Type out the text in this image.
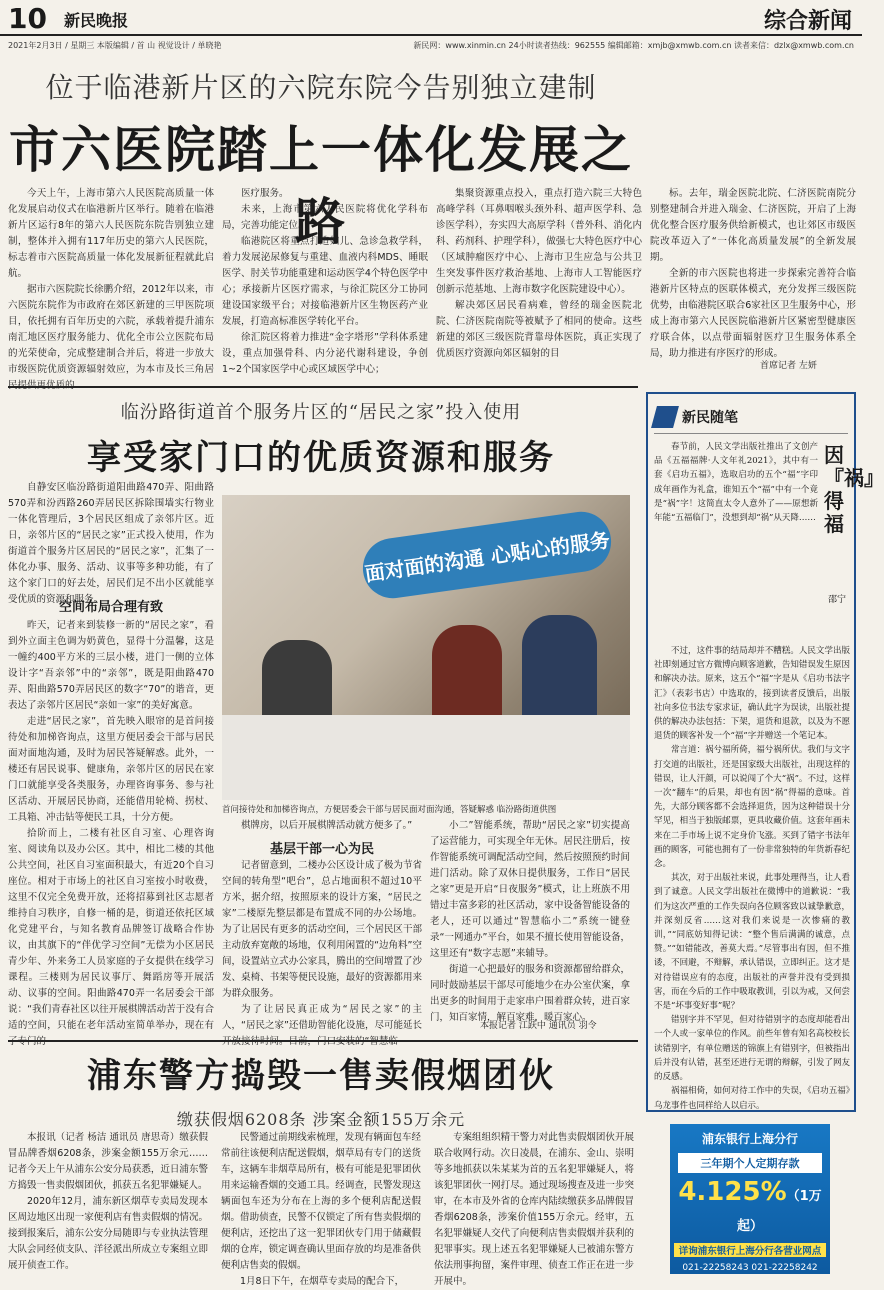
10 新民晚报	综合新闻
2021年2月3日 / 星期三 本版编辑 / 首 山 视觉设计 / 单晓艳	新民网：www.xinmin.cn 24小时读者热线：962555 编辑邮箱：xmjb@xmwb.com.cn 读者来信：dzlx@xmwb.com.cn
位于临港新片区的六院东院今告别独立建制
市六医院踏上一体化发展之路

今天上午，上海市第六人民医院高质量一体化发展启动仪式在临港新片区举行。随着在临港新片区运行8年的第六人民医院东院告别独立建制，整体并入拥有117年历史的第六人民医院，标志着市六医院高质量一体化发展新征程就此启航。

据市六医院院长徐鹏介绍，2012年以来，市六医院东院作为市政府在郊区新建的三甲医院项目，依托拥有百年历史的六院，承载着提升浦东南汇地区医疗服务能力、优化全市公立医院布局的光荣使命，完成整建制合并后，将进一步放大市级医院优质资源辐射效应，为本市及长三角居

医疗服务。

未来，上海市第六人民医院将优化学科布局，完善功能定位。

临港院区将重点打造妇儿、急诊急救学科，着力发展泌尿修复与重建、血液内科MDS、睡眠医学、肘关节功能重建和运动医学4个特色医学中心；承接新片区医疗需求，与徐汇院区分工协同建设国家级平台；对接临港新片区生物医药产业发展，打造高标准医学转化平台。

徐汇院区将着力推进“金字塔形”学科体系建设，重点加强骨科、内分泌代谢科建设，争创1~2个国家医学中心或区域医学中心；

集聚资源重点投入，重点打造六院三大特色高峰学科（耳鼻咽喉头颈外科、超声医学科、急诊医学科），夯实四大高原学科（普外科、消化内科、药剂科、护理学科），做强七大特色医疗中心（区域肿瘤医疗中心、上海市卫生应急与公共卫生突发事件医疗救治基地、上海市人工智能医疗创新示范基地、上海市数字化医院建设中心）。

解决郊区居民看病难，曾经的瑞金医院北院、仁济医院南院等被赋予了相同的使命。这些新建的郊区三级医院背靠母体医院，真正实现了优质医疗资源向郊区辐射的目

标。去年，瑞金医院北院、仁济医院南院分别整建制合并进入瑞金、仁济医院，开启了上海优化整合医疗服务供给新模式，也让郊区市级医院改革迈入了“一体化高质量发展”的全新发展期。

全新的市六医院也将进一步探索完善符合临港新片区特点的医联体模式，充分发挥三级医院优势，由临港院区联合6家社区卫生服务中心，形成上海市第六人民医院临港新片区紧密型健康医疗联合体，以点带面辐射医疗卫生服务体系全局，助力推进有序医疗的形成。

首席记者 左妍
临汾路街道首个服务片区的“居民之家”投入使用
享受家门口的优质资源和服务

自静安区临汾路街道阳曲路470弄、阳曲路570弄和汾西路260弄居民区拆除围墙实行物业一体化管理后，3个居民区组成了亲邻片区。近日，亲邻片区的“居民之家”正式投入使用，作为街道首个服务片区居民的“居民之家”，汇集了一体化办事、服务、活动、议事等多种功能，有了这个家门口的好去处，居民们足不出小区就能享受优质的资源和服务。

空间布局合理有致

昨天，记者来到装修一新的“居民之家”，看到外立面主色调为奶黄色，显得十分温馨，这是一幢约400平方米的三层小楼，进门一侧的立体设计字“吾亲邻”中的“亲邻”，既是阳曲路470弄、阳曲路570弄居民区的数字“70”的谐音，更表达了亲邻片区居民“亲如一家”的美好寓意。

走进“居民之家”，首先映入眼帘的是首问接待处和加梯咨询点，这里方便居委会干部与居民面对面地沟通，及时为居民答疑解惑。此外，一楼还有居民说事、健康角，亲邻片区的居民在家门口就能享受各类服务，办理咨询事务、参与社区活动、开展居民协商，还能借用轮椅、拐杖、工具箱、冲击钻等便民工具，十分方便。

拾阶而上，二楼有社区自习室、心理咨询室、阅读角以及办公区。其中，相比二楼的其他公共空间，社区自习室面积最大，有近20个自习座位。相对于市场上的社区自习室按小时收费，这里不仅完全免费开放，还将招募到社区志愿者维持自习秩序，自修一桶的是，街道还依托区域化党建平台，与知名教育品牌签订战略合作协议，由其旗下的“伴优学习空间”无偿为小区居民青少年、外来务工人员家庭的子女提供在线学习课程。三楼则为居民议事厅、舞蹈房等开展活动、议事的空间。阳曲路470弄一名居委会干部说：“我们青春社区以往开展棋牌活动苦于没有合适的空间，只能在老年活动室简单举办，现在有

面对面的沟通 心贴心的服务
首问接待处和加梯咨询点，方便居委会干部与居民面对面沟通，答疑解惑 临汾路街道供图

棋牌房，以后开展棋牌活动就方便多了。”

基层干部一心为民

记者留意到，二楼办公区设计成了极为节省空间的转角型“吧台”，总占地面积不超过10平方米，据介绍，按照原来的设计方案，“居民之家”二楼原先整层都是布置成不同的办公场地。为了让居民有更多的活动空间，三个居民区干部主动放弃宽敞的场地，仅利用闲置的“边角料”空间，设置站立式办公家具，腾出的空间增置了沙发、桌椅、书架等便民设施，最好的资源都用来为群众服务。

为了让居民真正成为“居民之家”的主人，“居民之家”还借助智能化设施，尽可能延长

小二”智能系统，帮助“居民之家”切实提高了运营能力，可实现全年无休。居民注册后，按作智能系统可调配活动空间，然后按照预约时间进门活动。除了双休日提供服务，工作日“居民之家”更是开启“日夜服务”模式，让上班族不用错过丰富多彩的社区活动，家中设备智能设备的老人，还可以通过“智慧临小二”系统一键登录“一网通办”平台，如果不擅长使用智能设备，这里还有“数字志愿”来辅导。

街道一心把最好的服务和资源都留给群众，同时鼓励基层干部尽可能地少在办公室伏案，拿出更多的时间用于走家串户围着群众转，进百家门，知百家情，解百家难，暖百家心。

本报记者 江跃中 通讯员 羽令
浦东警方捣毁一售卖假烟团伙
缴获假烟6208条 涉案金额155万余元

本报讯（记者 杨洁 通讯员 唐思奇）缴获假冒品牌香烟6208条，涉案金额155万余元……记者今天上午从浦东公安分局获悉，近日浦东警方捣毁一售卖假烟团伙，抓获五名犯罪嫌疑人。

2020年12月，浦东新区烟草专卖局发现本区周边地区出现一家便利店有售卖假烟的情况。接到报案后，浦东公安分局随即与专业执法管理大队会同经侦支队、洋径派出所成立专案组立即展开侦查工作。

民警通过前期线索梳理，发现有辆面包车经常前往该便利店配送假烟，烟草局有专门的送货车，这辆车非烟草局所有，极有可能是犯罪团伙用来运输香烟的交通工具。经调查，民警发现这辆面包车还为分布在上海的多个便利店配送假烟。借助侦查，民警不仅锁定了所有售卖假烟的便利店，还挖出了这一犯罪团伙专门用于储藏假烟的仓库，锁定调查确认里面存放的均是准备供便利店售卖的假烟。

1月8日下午，在烟草专卖局的配合下，

专案组组织精干警力对此售卖假烟团伙开展联合收网行动。次日凌晨，在浦东、金山、崇明等多地抓获以朱某某为首的五名犯罪嫌疑人，将该犯罪团伙一网打尽。通过现场搜查及进一步突审，在本市及外省的仓库内陆续缴获多品牌假冒香烟6208条，涉案价值155万余元。经审，五名犯罪嫌疑人交代了向便利店售卖假烟并获利的犯罪事实。现上述五名犯罪嫌疑人已被浦东警方依法刑事拘留，案件审理、侦查工作正在进一步开展中。

新民随笔
因『祸』得福
邵宁

春节前，人民文学出版社推出了文创产品《五福福牌·人文年礼2021》，其中有一套《启功五福》，选取启功的五个“福”字印成年画作为礼盒，谁知五个“福”中有一个竟是“祸”字！这简直太令人意外了——原想新年能“五福临门”，没想到却“祸”从天降……

不过，这件事的结局却并不糟糕。人民文学出版社即刻通过官方微博向顾客道歉，告知错误发生原因和解决办法。原来，这五个“福”字是从《启功书法字汇》（表彩书店）中选取的，接到读者反馈后，出版社向多位书法专家求证，确认此字为误读，出版社提供的解决办法包括：下架，退货和退款，以及为不愿退货的顾客补发一个“福”字并赠送一个笔记本。

常言道：祸兮福所倚，福兮祸所伏。我们与文字打交道的出版社，还是国家级大出版社，出现这样的错误，让人汗颜，可以说闯了个大“祸”。不过，这样一次“翻车”的后果，却也有因“祸”得福的意味。首先，大部分顾客都不会选择退货，因为这种错误十分罕见，相当于独版邮票，更具收藏价值。这套年画未来在二手市场上说不定身价飞涨。买到了错字书法年画的顾客，可能也拥有了一份非常独特的年货新春纪念。

其次，对于出版社来说，此事处理得当，让人看到了诚意。人民文学出版社在微博中的道歉说：“我们为这次严重的工作失误向各位顾客致以诚挚歉意，并深刻反省……这对我们来说是一次惨痛的教训，”“同底妨知得记读：“整个售后满满的诚意，点赞。”“如错能改，善莫大焉。”尽管事出有因，但不推诿，不回避，不辩解，承认错误，立即纠正。这才是对待错误应有的态度，出版社的声誉并没有受到损害，而在今后的工作中吸取教训，引以为戒，又何尝不是“坏事变好事”呢？

错别字并不罕见，但对待错别字的态度却能看出一个人或一家单位的作风。前些年曾有知名高校校长读错别字，有单位赠送的锦旗上有错别字，但被指出后并没有认错，甚至还进行无谓的辩解，引发了网友的反感。

祸福相倚，如何对待工作中的失误，《启功五福》乌龙事件也同样给人以启示。

浦东银行上海分行
三年期个人定期存款
4.125%（1万起）
详询浦东银行上海分行各营业网点
021-22258243 021-22258242
